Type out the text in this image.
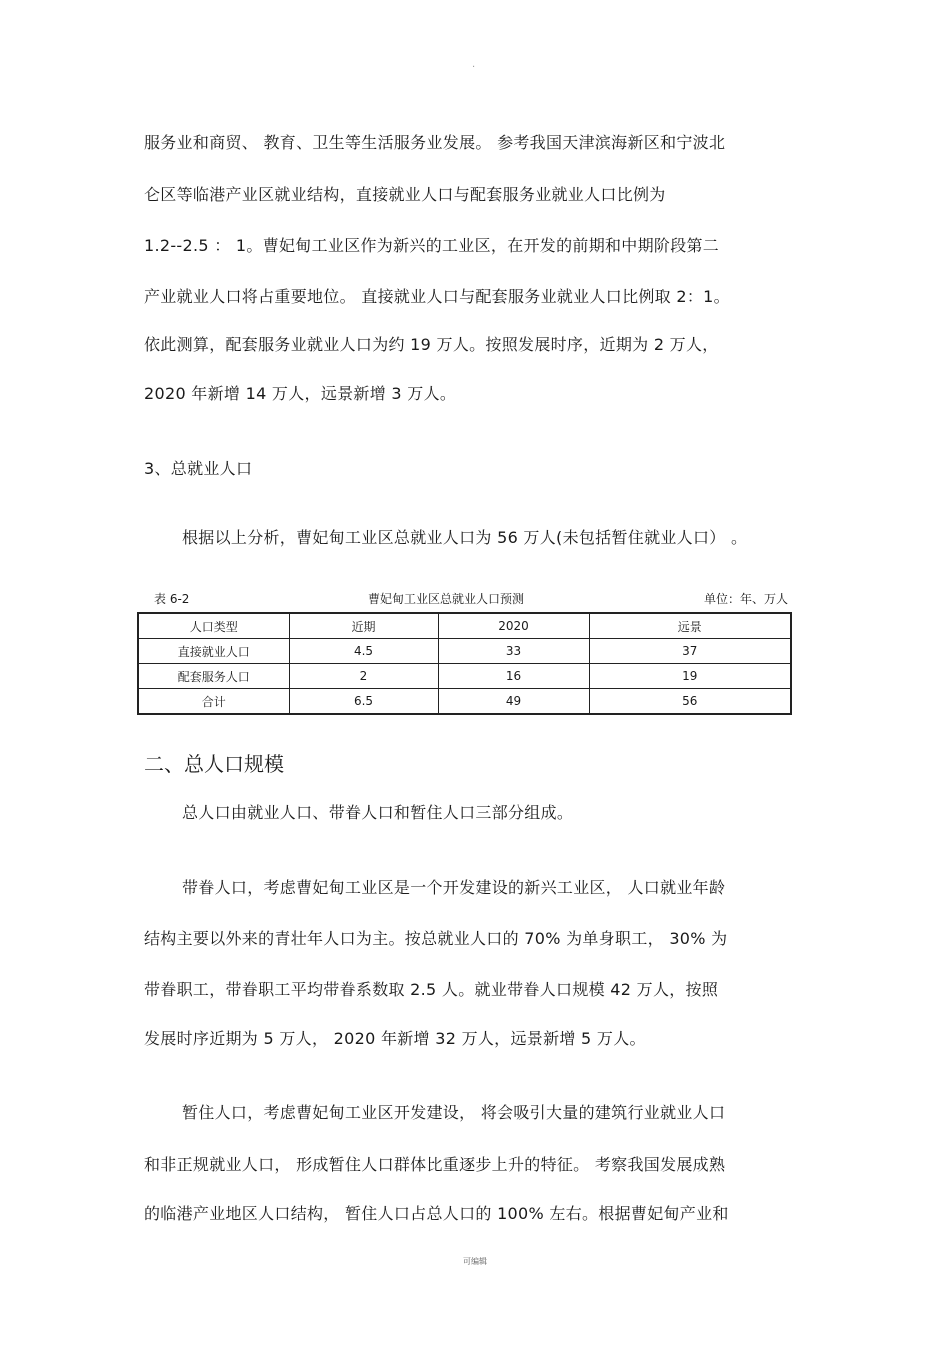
·
服务业和商贸、 教育、卫生等生活服务业发展。 参考我国天津滨海新区和宁波北
仑区等临港产业区就业结构，直接就业人口与配套服务业就业人口比例为
1.2--2.5 ： 1。曹妃甸工业区作为新兴的工业区，在开发的前期和中期阶段第二
产业就业人口将占重要地位。 直接就业人口与配套服务业就业人口比例取 2：1。
依此测算，配套服务业就业人口为约 19 万人。按照发展时序，近期为 2 万人，
2020 年新增 14 万人，远景新增 3 万人。
3、总就业人口
根据以上分析，曹妃甸工业区总就业人口为 56 万人(未包括暂住就业人口） 。
表 6-2	曹妃甸工业区总就业人口预测	单位：年、万人
人口类型	近期	2020	远景
直接就业人口	4.5	33	37
配套服务人口	2	16	19
合计	6.5	49	56
二、总人口规模
总人口由就业人口、带眷人口和暂住人口三部分组成。
带眷人口，考虑曹妃甸工业区是一个开发建设的新兴工业区， 人口就业年龄
结构主要以外来的青壮年人口为主。按总就业人口的 70% 为单身职工， 30% 为
带眷职工，带眷职工平均带眷系数取 2.5 人。就业带眷人口规模 42 万人，按照
发展时序近期为 5 万人， 2020 年新增 32 万人，远景新增 5 万人。
暂住人口，考虑曹妃甸工业区开发建设， 将会吸引大量的建筑行业就业人口
和非正规就业人口， 形成暂住人口群体比重逐步上升的特征。 考察我国发展成熟
的临港产业地区人口结构， 暂住人口占总人口的 100% 左右。根据曹妃甸产业和
可编辑
